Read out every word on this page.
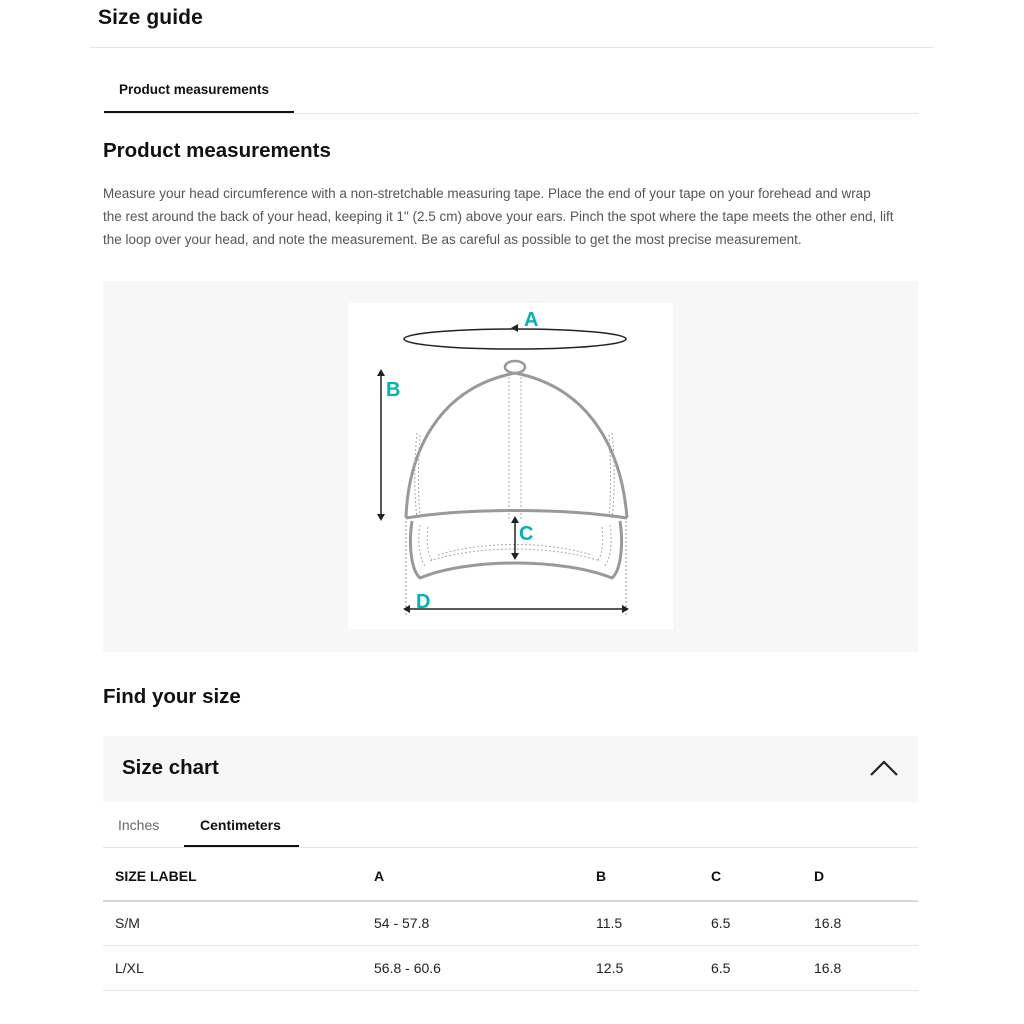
Size guide
Product measurements
Product measurements
Measure your head circumference with a non-stretchable measuring tape. Place the end of your tape on your forehead and wrap
the rest around the back of your head, keeping it 1" (2.5 cm) above your ears. Pinch the spot where the tape meets the other end, lift
the loop over your head, and note the measurement. Be as careful as possible to get the most precise measurement.
A
B
C
D
Find your size
Size chart
Inches	Centimeters
SIZE LABEL	A	B	C	D
S/M	54 - 57.8	11.5	6.5	16.8
L/XL	56.8 - 60.6	12.5	6.5	16.8
